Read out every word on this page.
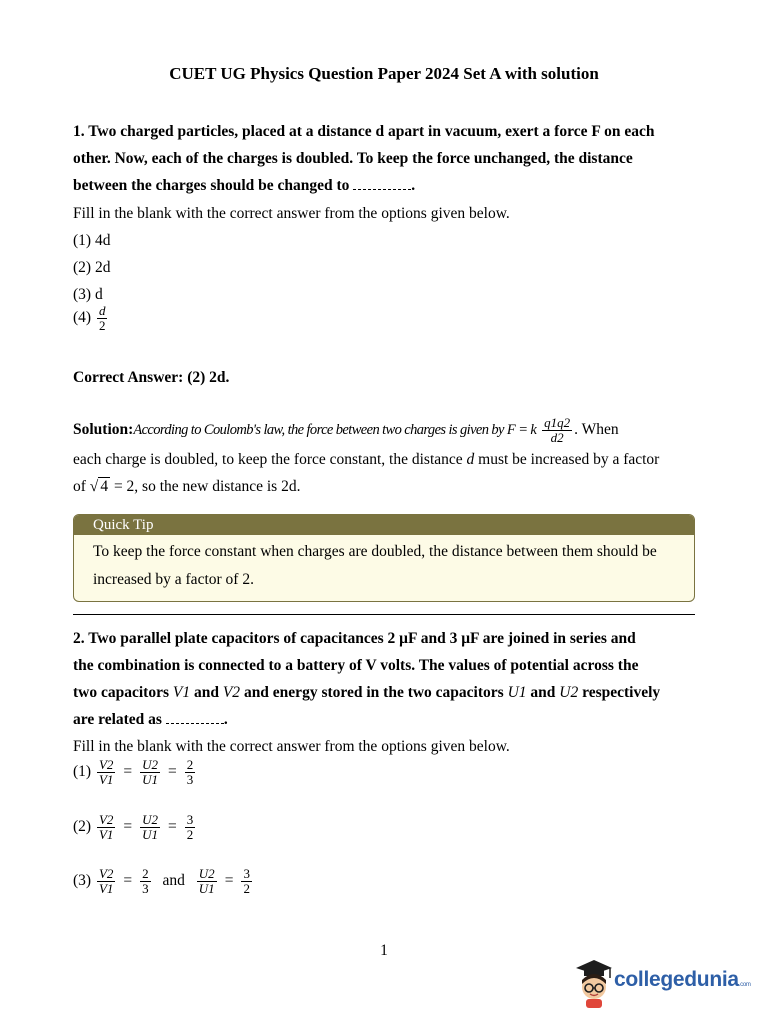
CUET UG Physics Question Paper 2024 Set A with solution
1. Two charged particles, placed at a distance d apart in vacuum, exert a force F on each
other. Now, each of the charges is doubled. To keep the force unchanged, the distance
between the charges should be changed to	.
Fill in the blank with the correct answer from the options given below.
(1) 4d
(2) 2d
(3) d
$(4) \frac{d}{2}$
Correct Answer: (2) 2d.
Solution:According to Coulomb's law, the force between two charges is given by F = k $\frac{q1q2}{d2}$ . When
each charge is doubled, to keep the force constant, the distance d must be increased by a factor
of √ 4 = 2, so the new distance is 2d.
Quick Tip
To keep the force constant when charges are doubled, the distance between them should be increased by a factor of 2.
2. Two parallel plate capacitors of capacitances 2 μF and 3 μF are joined in series and
the combination is connected to a battery of V volts. The values of potential across the
two capacitors V1 and V2 and energy stored in the two capacitors U1 and U2 respectively
are related as	.
Fill in the blank with the correct answer from the options given below.
$(1) \frac{V2}{V1} = \frac{U2}{U1} = \frac{2}{3}$
$(2) \frac{V2}{V1} = \frac{U2}{U1} = \frac{3}{2}$
$(3) \frac{V2}{V1} = \frac{2}{3}$ and $\frac{U2}{U1} = \frac{3}{2}$
1
collegedunia.com
